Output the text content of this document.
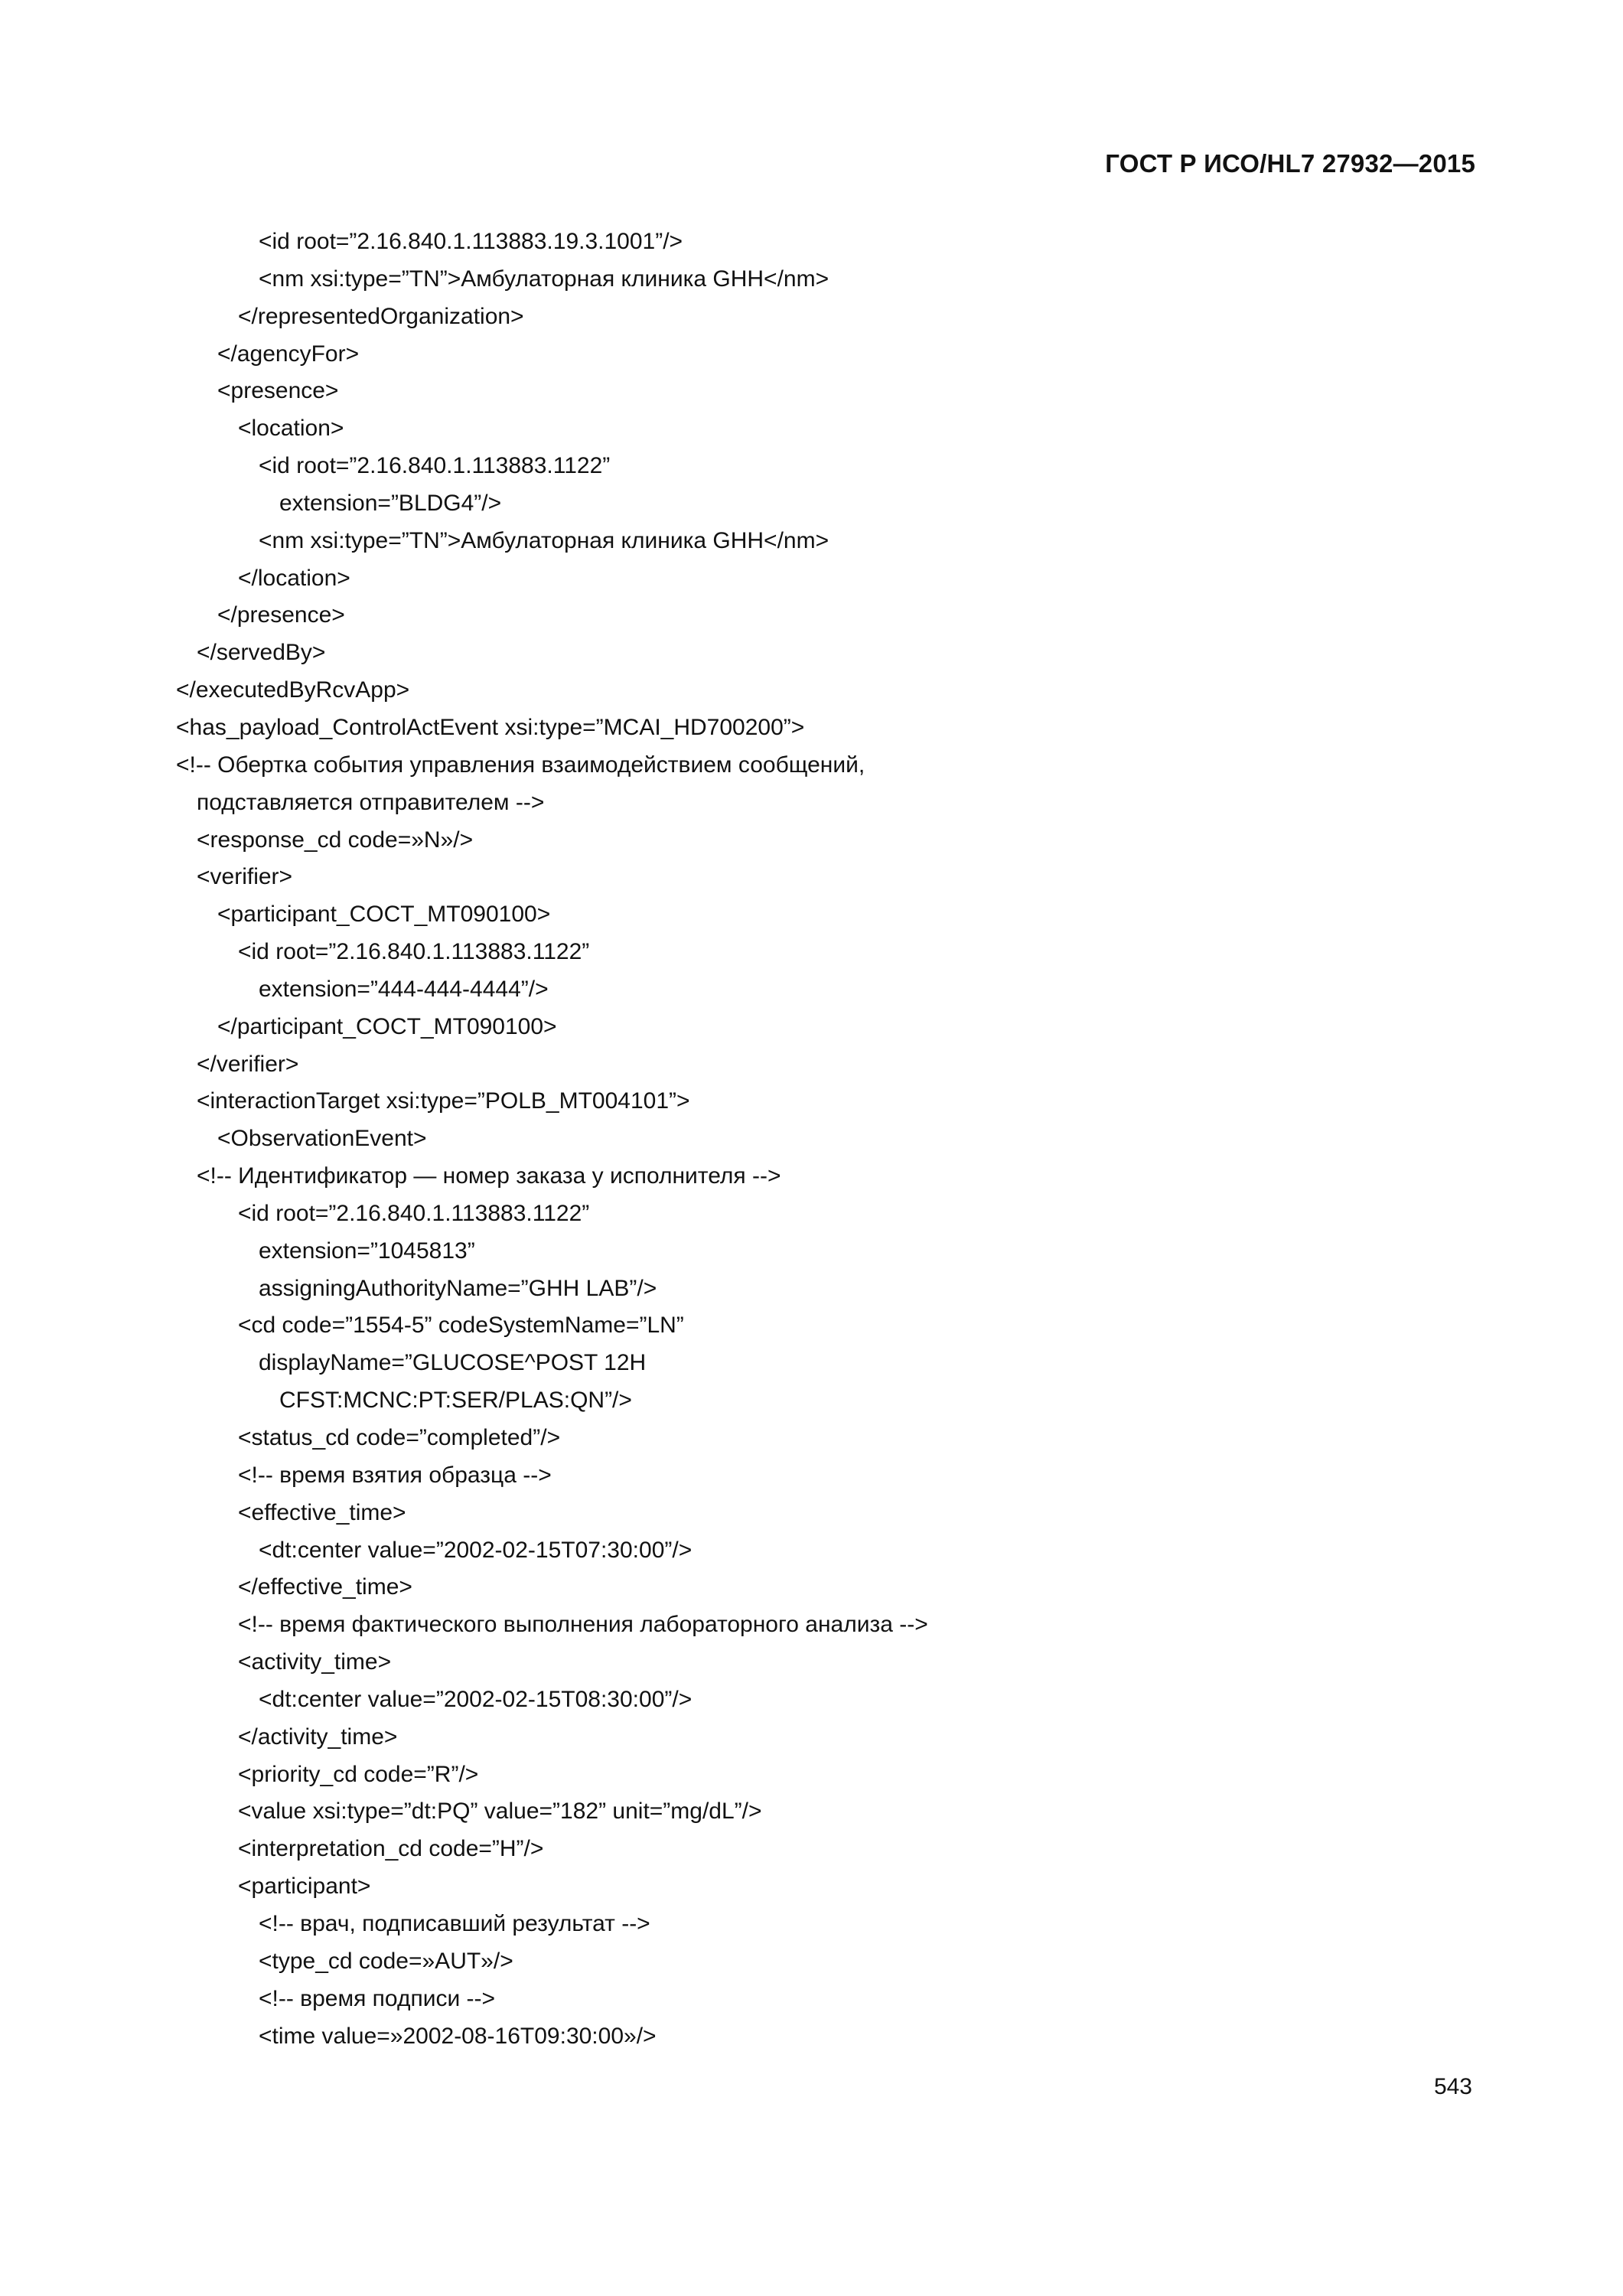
ГОСТ Р ИСО/HL7 27932—2015
<id root=”2.16.840.1.113883.19.3.1001”/>
<nm xsi:type=”TN”>Амбулаторная клиника GHH</nm>
</representedOrganization>
</agencyFor>
<presence>
<location>
<id root=”2.16.840.1.113883.1122”
extension=”BLDG4”/>
<nm xsi:type=”TN”>Амбулаторная клиника GHH</nm>
</location>
</presence>
</servedBy>
</executedByRcvApp>
<has_payload_ControlActEvent xsi:type=”MCAI_HD700200”>
<!-- Обертка события управления взаимодействием сообщений,
подставляется отправителем -->
<response_cd code=»N»/>
<verifier>
<participant_COCT_MT090100>
<id root=”2.16.840.1.113883.1122”
extension=”444-444-4444”/>
</participant_COCT_MT090100>
</verifier>
<interactionTarget xsi:type=”POLB_MT004101”>
<ObservationEvent>
<!-- Идентификатор — номер заказа у исполнителя -->
<id root=”2.16.840.1.113883.1122”
extension=”1045813”
assigningAuthorityName=”GHH LAB”/>
<cd code=”1554-5” codeSystemName=”LN”
displayName=”GLUCOSE^POST 12H
CFST:MCNC:PT:SER/PLAS:QN”/>
<status_cd code=”completed”/>
<!-- время взятия образца -->
<effective_time>
<dt:center value=”2002-02-15T07:30:00”/>
</effective_time>
<!-- время фактического выполнения лабораторного анализа -->
<activity_time>
<dt:center value=”2002-02-15T08:30:00”/>
</activity_time>
<priority_cd code=”R”/>
<value xsi:type=”dt:PQ” value=”182” unit=”mg/dL”/>
<interpretation_cd code=”H”/>
<participant>
<!-- врач, подписавший результат -->
<type_cd code=»AUT»/>
<!-- время подписи -->
<time value=»2002-08-16T09:30:00»/>
543
